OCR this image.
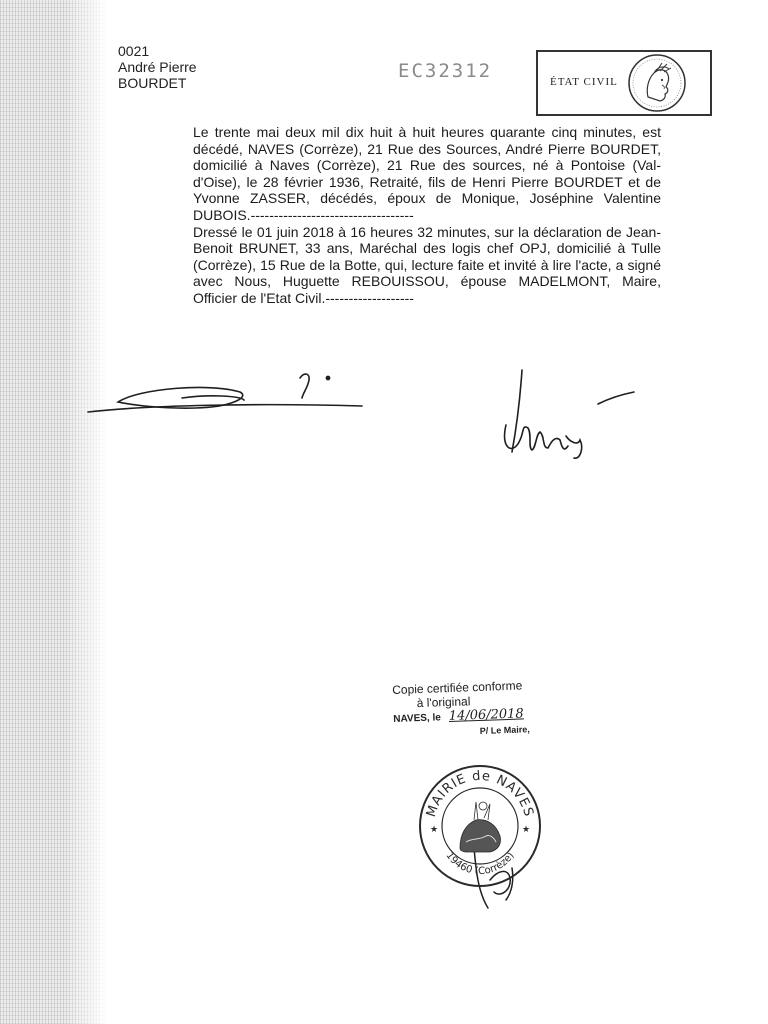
0021
André Pierre
BOURDET
EC32312	ÉTAT CIVIL

Le trente mai deux mil dix huit à huit heures quarante cinq minutes, est décédé, NAVES (Corrèze), 21 Rue des Sources, André Pierre BOURDET, domicilié à Naves (Corrèze), 21 Rue des sources, né à Pontoise (Val-d'Oise), le 28 février 1936, Retraité, fils de Henri Pierre BOURDET et de Yvonne ZASSER, décédés, époux de Monique, Joséphine Valentine DUBOIS.-----------------------------------

Dressé le 01 juin 2018 à 16 heures 32 minutes, sur la déclaration de Jean-Benoit BRUNET, 33 ans, Maréchal des logis chef OPJ, domicilié à Tulle (Corrèze), 15 Rue de la Botte, qui, lecture faite et invité à lire l'acte, a signé avec Nous, Huguette REBOUISSOU, épouse MADELMONT, Maire, Officier de l'Etat Civil.-------------------

Copie certifiée conforme
à l'original
NAVES, le 14/06/2018
P/ Le Maire,
MAIRIE de NAVES
19460 (Corrèze)
★	★
